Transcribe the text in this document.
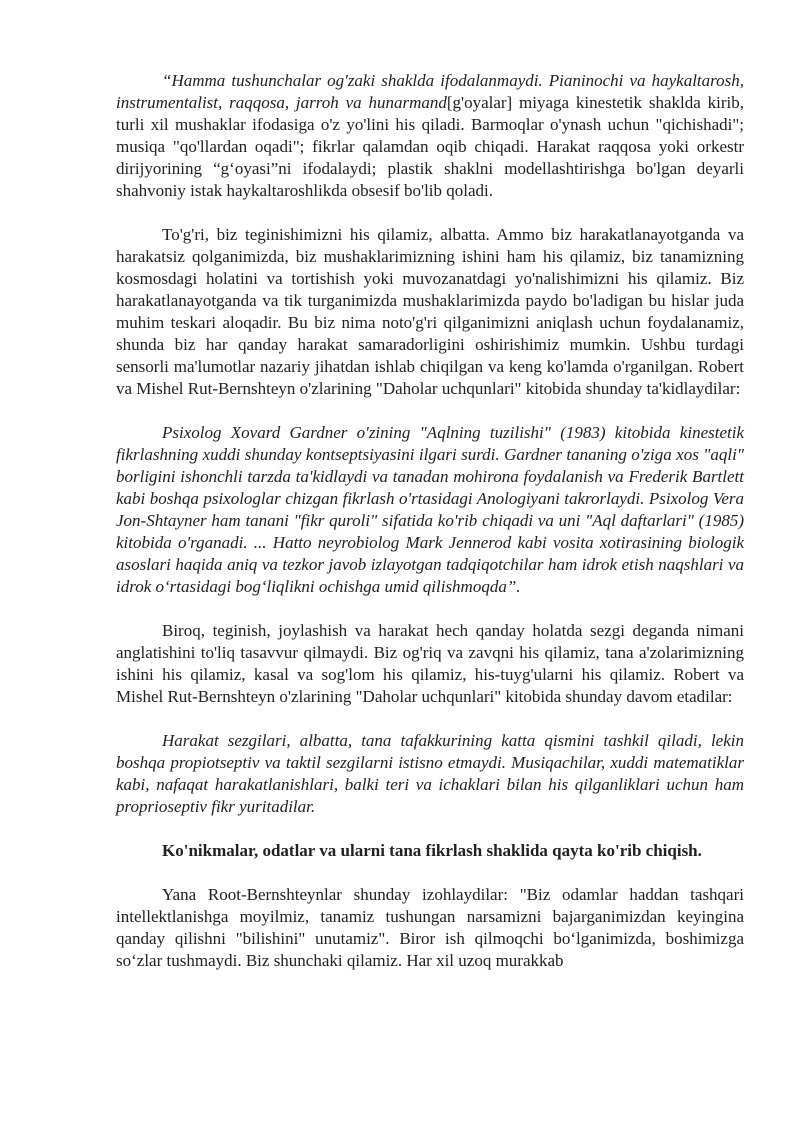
“Hamma tushunchalar og'zaki shaklda ifodalanmaydi. Pianinochi va haykaltarosh, instrumentalist, raqqosa, jarroh va hunarmand[g'oyalar] miyaga kinestetik shaklda kirib, turli xil mushaklar ifodasiga o'z yo'lini his qiladi. Barmoqlar o'ynash uchun "qichishadi"; musiqa "qo'llardan oqadi"; fikrlar qalamdan oqib chiqadi. Harakat raqqosa yoki orkestr dirijyorining “g‘oyasi”ni ifodalaydi; plastik shaklni modellashtirishga bo'lgan deyarli shahvoniy istak haykaltaroshlikda obsesif bo'lib qoladi.

To'g'ri, biz teginishimizni his qilamiz, albatta. Ammo biz harakatlanayotganda va harakatsiz qolganimizda, biz mushaklarimizning ishini ham his qilamiz, biz tanamizning kosmosdagi holatini va tortishish yoki muvozanatdagi yo'nalishimizni his qilamiz. Biz harakatlanayotganda va tik turganimizda mushaklarimizda paydo bo'ladigan bu hislar juda muhim teskari aloqadir. Bu biz nima noto'g'ri qilganimizni aniqlash uchun foydalanamiz, shunda biz har qanday harakat samaradorligini oshirishimiz mumkin. Ushbu turdagi sensorli ma'lumotlar nazariy jihatdan ishlab chiqilgan va keng ko'lamda o'rganilgan. Robert va Mishel Rut-Bernshteyn o'zlarining "Daholar uchqunlari" kitobida shunday ta'kidlaydilar:

Psixolog Xovard Gardner o'zining "Aqlning tuzilishi" (1983) kitobida kinestetik fikrlashning xuddi shunday kontseptsiyasini ilgari surdi. Gardner tananing o'ziga xos "aqli" borligini ishonchli tarzda ta'kidlaydi va tanadan mohirona foydalanish va Frederik Bartlett kabi boshqa psixologlar chizgan fikrlash o'rtasidagi Anologiyani takrorlaydi. Psixolog Vera Jon-Shtayner ham tanani "fikr quroli" sifatida ko'rib chiqadi va uni "Aql daftarlari" (1985) kitobida o'rganadi. ... Hatto neyrobiolog Mark Jennerod kabi vosita xotirasining biologik asoslari haqida aniq va tezkor javob izlayotgan tadqiqotchilar ham idrok etish naqshlari va idrok o‘rtasidagi bog‘liqlikni ochishga umid qilishmoqda”.

Biroq, teginish, joylashish va harakat hech qanday holatda sezgi deganda nimani anglatishini to'liq tasavvur qilmaydi. Biz og'riq va zavqni his qilamiz, tana a'zolarimizning ishini his qilamiz, kasal va sog'lom his qilamiz, his-tuyg'ularni his qilamiz. Robert va Mishel Rut-Bernshteyn o'zlarining "Daholar uchqunlari" kitobida shunday davom etadilar:

Harakat sezgilari, albatta, tana tafakkurining katta qismini tashkil qiladi, lekin boshqa propiotseptiv va taktil sezgilarni istisno etmaydi. Musiqachilar, xuddi matematiklar kabi, nafaqat harakatlanishlari, balki teri va ichaklari bilan his qilganliklari uchun ham proprioseptiv fikr yuritadilar.

Ko'nikmalar, odatlar va ularni tana fikrlash shaklida qayta ko'rib chiqish.

Yana Root-Bernshteynlar shunday izohlaydilar: "Biz odamlar haddan tashqari intellektlanishga moyilmiz, tanamiz tushungan narsamizni bajarganimizdan keyingina qanday qilishni "bilishini" unutamiz". Biror ish qilmoqchi bo‘lganimizda, boshimizga so‘zlar tushmaydi. Biz shunchaki qilamiz. Har xil uzoq murakkab
